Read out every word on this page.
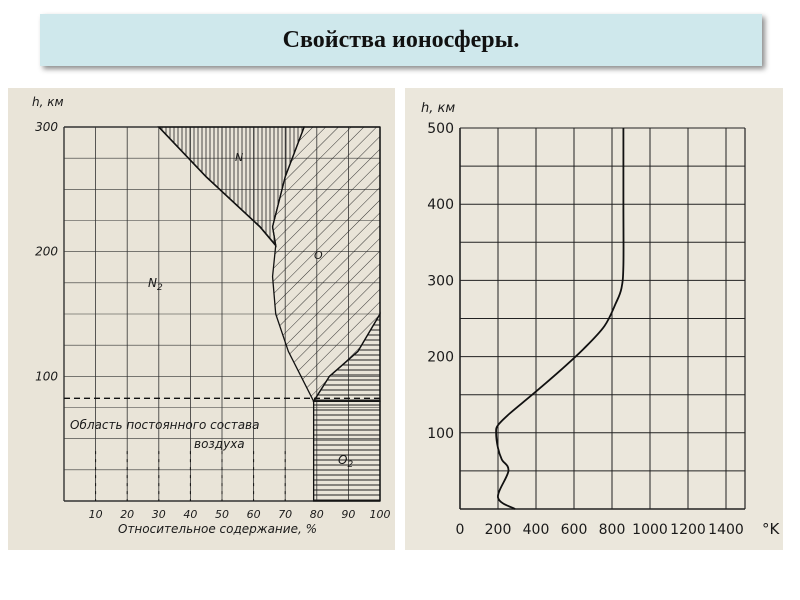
Свойства ионосферы.
10 20 30 40 50 60 70 80 90 100
100
200
300
h, км
Относительное содержание, %
N
O
$N_2$
$O_2$
Область постоянного состава
воздуха
0 200 400 600 800 1000 1200 1400
100
200
300
400
500
h, км
°K
